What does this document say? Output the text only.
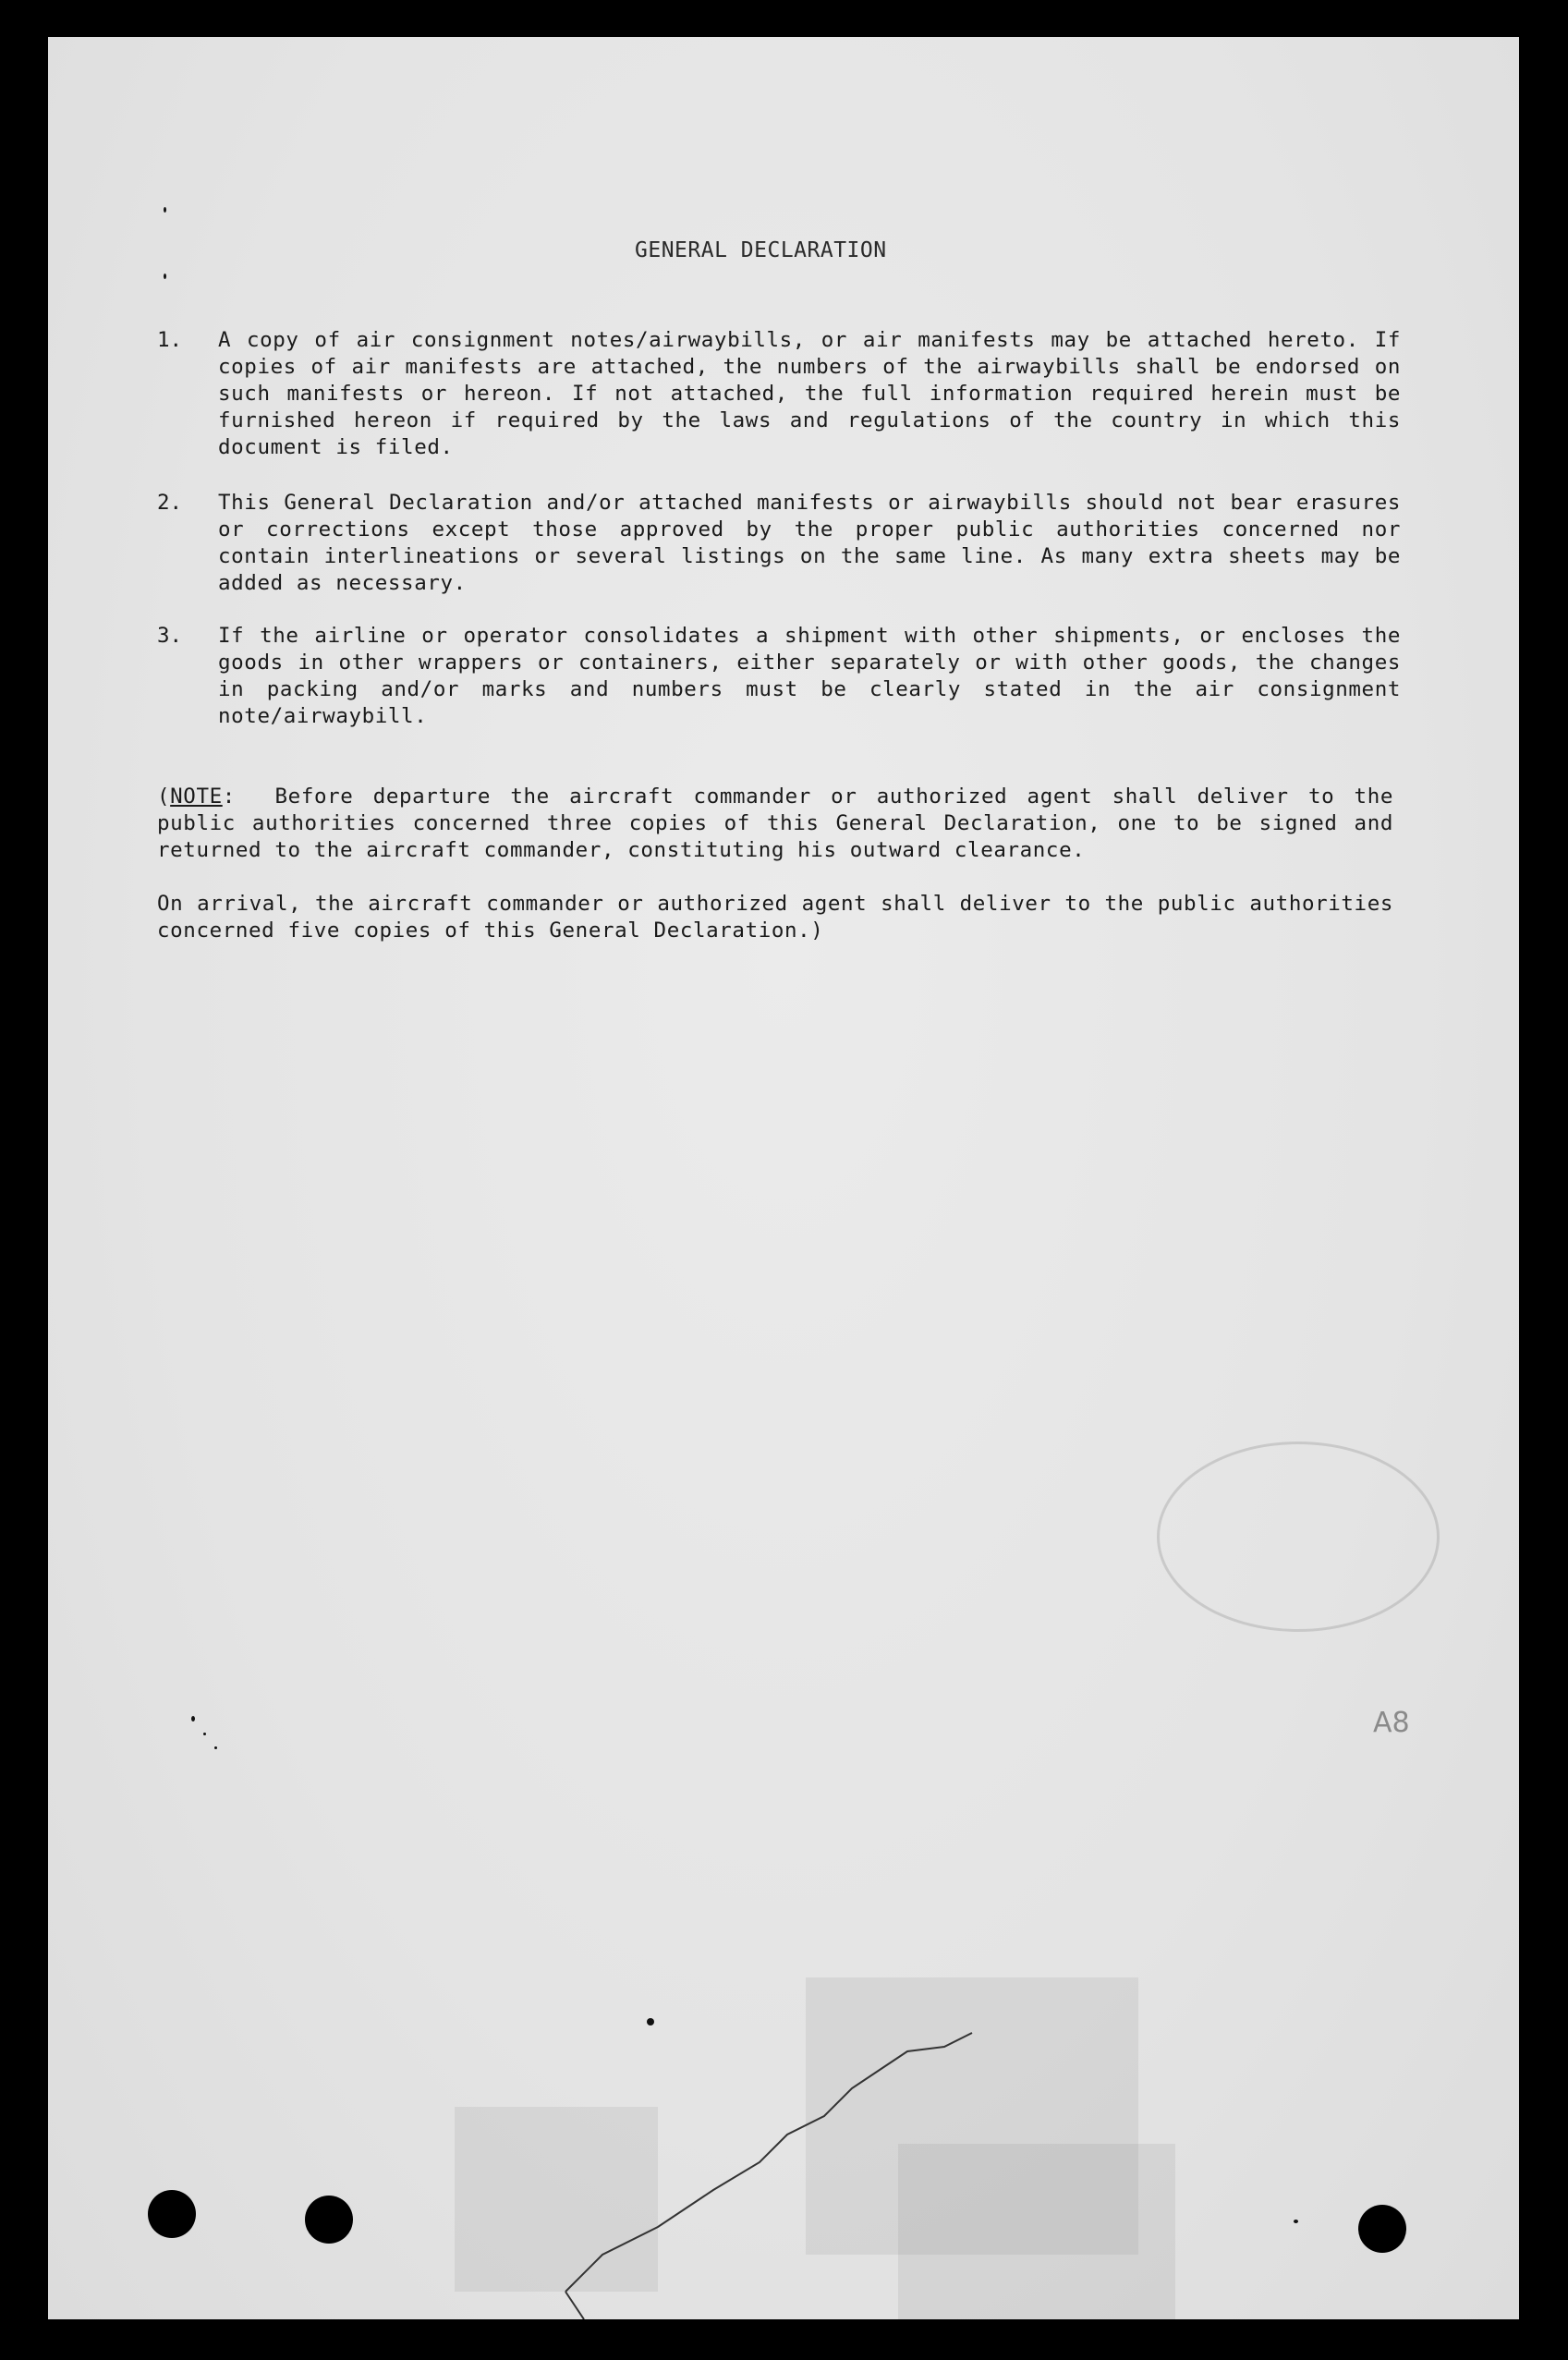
GENERAL DECLARATION
1. A copy of air consignment notes/airwaybills, or air manifests may be attached hereto. If copies of air manifests are attached, the numbers of the airwaybills shall be endorsed on such manifests or hereon. If not attached, the full information required herein must be furnished hereon if required by the laws and regulations of the country in which this document is filed.
2. This General Declaration and/or attached manifests or airwaybills should not bear erasures or corrections except those approved by the proper public authorities concerned nor contain interlineations or several listings on the same line. As many extra sheets may be added as necessary.
3. If the airline or operator consolidates a shipment with other shipments, or encloses the goods in other wrappers or containers, either separately or with other goods, the changes in packing and/or marks and numbers must be clearly stated in the air consignment note/airwaybill.
(NOTE: Before departure the aircraft commander or authorized agent shall deliver to the public authorities concerned three copies of this General Declaration, one to be signed and returned to the aircraft commander, constituting his outward clearance.
On arrival, the aircraft commander or authorized agent shall deliver to the public authorities concerned five copies of this General Declaration.)
8A
